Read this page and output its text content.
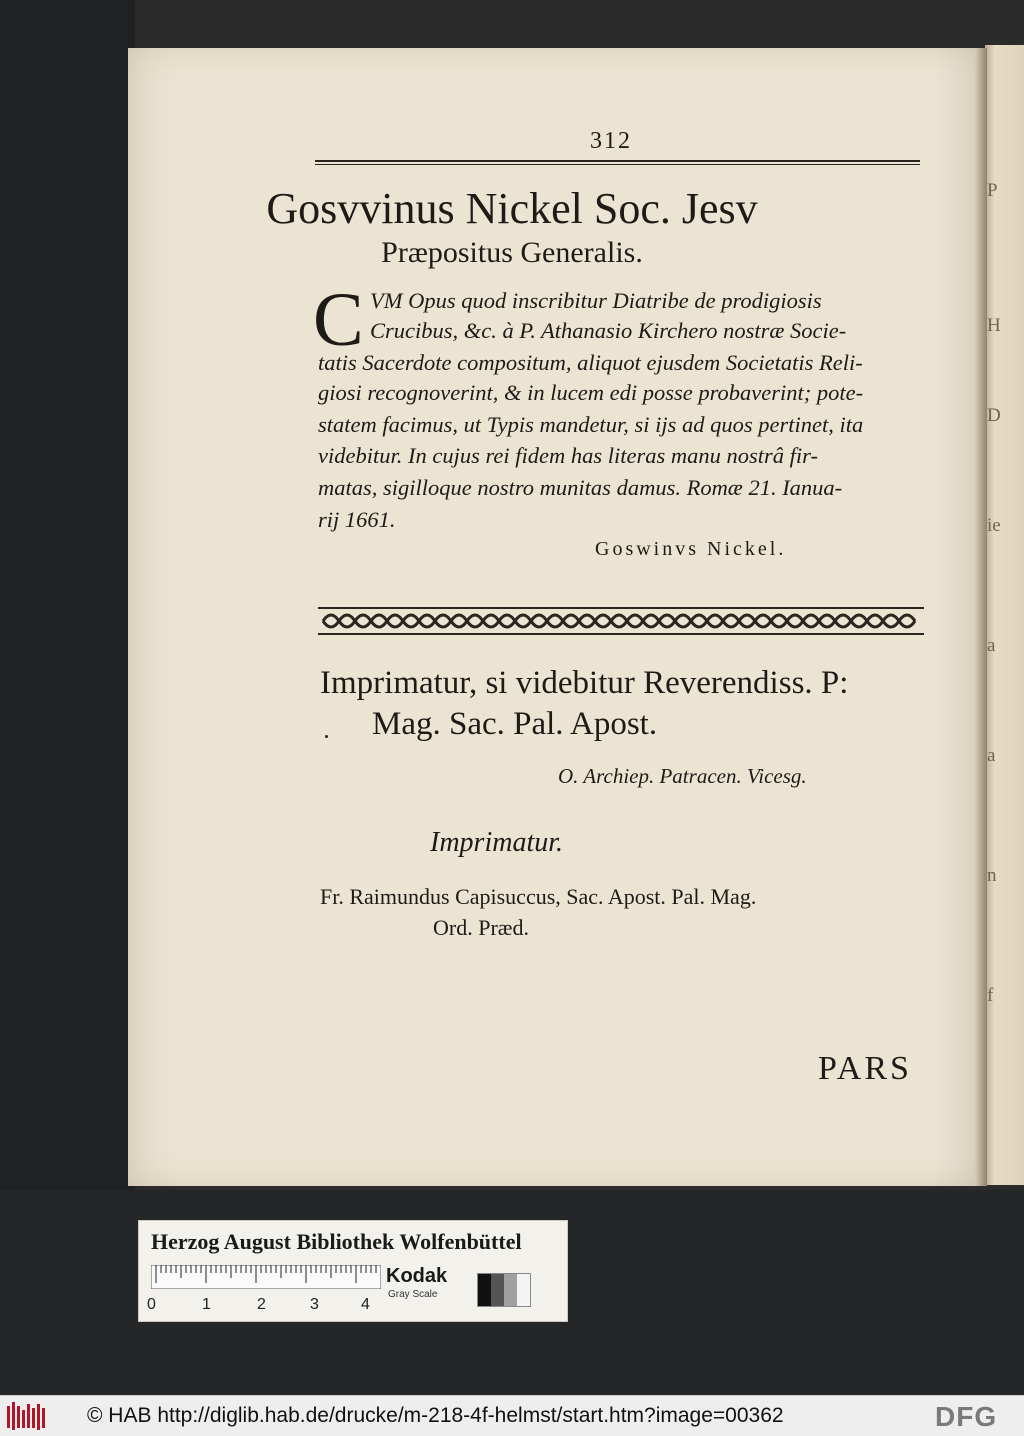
P
H
D
ie
a
a
n
f
312
Gosvvinus Nickel Soc. Jesv
Præpositus Generalis.
C VM Opus quod inscribitur Diatribe de prodigiosis
Crucibus, &c. à P. Athanasio Kirchero nostræ Socie-
tatis Sacerdote compositum, aliquot ejusdem Societatis Reli-
giosi recognoverint, & in lucem edi posse probaverint; pote-
statem facimus, ut Typis mandetur, si ijs ad quos pertinet, ita
videbitur. In cujus rei fidem has literas manu nostrâ fir-
matas, sigilloque nostro munitas damus. Romæ 21. Ianua-
rij 1661.
Goswinvs Nickel.
Imprimatur, si videbitur Reverendiss. P:
Mag. Sac. Pal. Apost.
O. Archiep. Patracen. Vicesg.
Imprimatur.
Fr. Raimundus Capisuccus, Sac. Apost. Pal. Mag.
Ord. Præd.
PARS
Herzog August Bibliothek Wolfenbüttel
0	1	2	3	4
Kodak
Gray Scale
© HAB http://diglib.hab.de/drucke/m-218-4f-helmst/start.htm?image=00362	DFG
